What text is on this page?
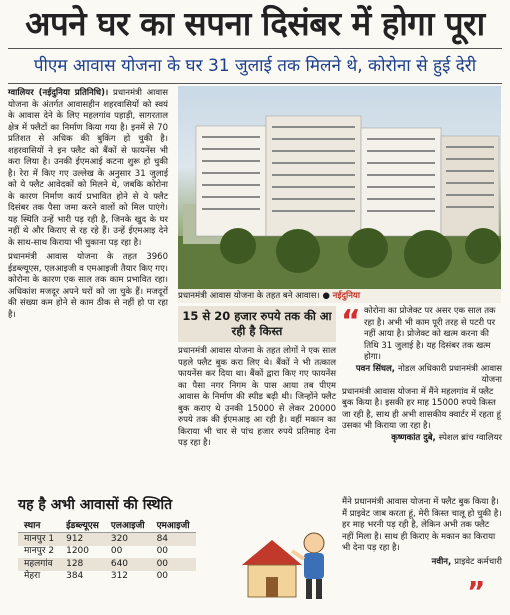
अपने घर का सपना दिसंबर में होगा पूरा
पीएम आवास योजना के घर 31 जुलाई तक मिलने थे, कोरोना से हुई देरी

ग्वालियर (नईदुनिया प्रतिनिधि)। प्रधानमंत्री आवास योजना के अंतर्गत आवासहीन शहरवासियों को स्वयं के आवास देने के लिए महलगांव पहाड़ी, सागरताल क्षेत्र में फ्लैटों का निर्माण किया गया है। इनमें से 70 प्रतिशत से अधिक की बुकिंग हो चुकी है। शहरवासियों ने इन फ्लैट को बैंकों से फायनेंस भी करा लिया है। उनकी ईएमआई कटना शुरू हो चुकी है। रेरा में किए गए उल्लेख के अनुसार 31 जुलाई को ये फ्लैट आवेदकों को मिलने थे, जबकि कोरोना के कारण निर्माण कार्य प्रभावित होने से ये फ्लैट दिसंबर तक पैसा जमा करने वालों को मिल पाएंगे। यह स्थिति उन्हें भारी पड़ रही है, जिनके खुद के घर नहीं थे और किराए से रह रहे हैं। उन्हें ईएमआइ देने के साथ-साथ किराया भी चुकाना पड़ रहा है।

प्रधानमंत्री आवास योजना के तहत 3960 ईडब्ल्यूएस, एलआइजी व एमआइजी तैयार किए गए। कोरोना के कारण एक साल तक काम प्रभावित रहा। अधिकांश मजदूर अपने घरों को जा चुके हैं। मजदूरों की संख्या कम होने से काम ठीक से नहीं हो पा रहा है।

प्रधानमंत्री आवास योजना के तहत बने आवास। ● नईदुनिया
15 से 20 हजार रुपये तक की आ रही है किस्त

प्रधानमंत्री आवास योजना के तहत लोगों ने एक साल पहले फ्लैट बुक करा लिए थे। बैंकों ने भी तत्काल फायनेंस कर दिया था। बैंकों द्वारा किए गए फायनेंस का पैसा नगर निगम के पास आया तब पीएम आवास के निर्माण की स्पीड बढ़ी थी। जिन्होंने फ्लैट बुक कराए थे उनकी 15000 से लेकर 20000 रुपये तक की ईएमआइ आ रही है। वहीं मकान का किराया भी चार से पांच हजार रुपये प्रतिमाह देना पड़ रहा है।

“ कोरोना का प्रोजेक्ट पर असर एक साल तक रहा है। अभी भी काम पूरी तरह से पटरी पर नहीं आया है। प्रोजेक्ट को खत्म करना की तिथि 31 जुलाई है। यह दिसंबर तक खत्म होगा।

पवन सिंघल, नोडल अधिकारी प्रधानमंत्री आवास योजना

प्रधानमंत्री आवास योजना में मैंने महलगांव में फ्लैट बुक किया है। इसकी हर माह 15000 रुपये किस्त जा रही है, साथ ही अभी शासकीय क्वार्टर में रहता हूं उसका भी किराया जा रहा है।

कृष्णकांत दुबे, स्पेशल ब्रांच ग्वालियर

मैंने प्रधानमंत्री आवास योजना में फ्लैट बुक किया है। मैं प्राइवेट जाब करता हूं, मेरी किस्त चालू हो चुकी है। हर माह भरनी पड़ रही है, लेकिन अभी तक फ्लैट नहीं मिला है। साथ ही किराए के मकान का किराया भी देना पड़ रहा है।

नवीन, प्राइवेट कर्मचारी

”
यह है अभी आवासों की स्थिति
स्थान	ईडब्ल्यूएस	एलआइजी	एमआइजी
मानपुर 1	912	320	84
मानपुर 2	1200	00	00
महलगांव	128	640	00
मेहरा	384	312	00
